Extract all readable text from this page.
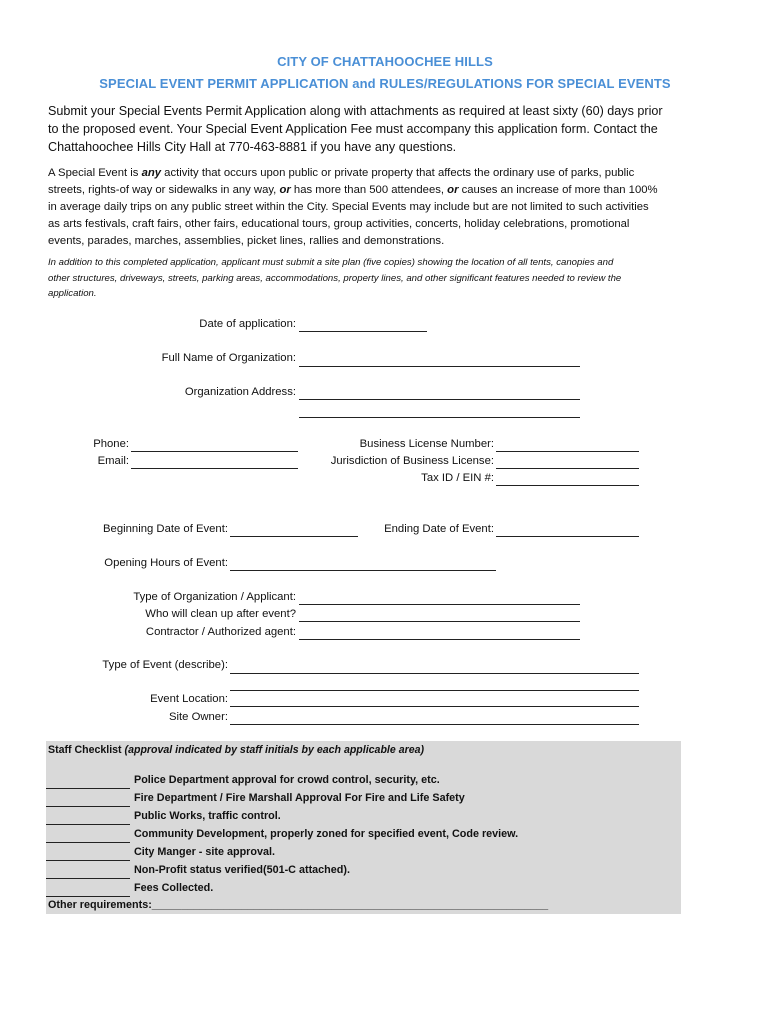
CITY OF CHATTAHOOCHEE HILLS
SPECIAL EVENT PERMIT APPLICATION and RULES/REGULATIONS FOR SPECIAL EVENTS
Submit your Special Events Permit Application along with attachments as required at least sixty (60) days prior
to the proposed event. Your Special Event Application Fee must accompany this application form. Contact the
Chattahoochee Hills City Hall at 770-463-8881 if you have any questions.
A Special Event is any activity that occurs upon public or private property that affects the ordinary use of parks, public
streets, rights-of way or sidewalks in any way, or has more than 500 attendees, or causes an increase of more than 100%
in average daily trips on any public street within the City. Special Events may include but are not limited to such activities
as arts festivals, craft fairs, other fairs, educational tours, group activities, concerts, holiday celebrations, promotional
events, parades, marches, assemblies, picket lines, rallies and demonstrations.
In addition to this completed application, applicant must submit a site plan (five copies) showing the location of all tents, canopies and
other structures, driveways, streets, parking areas, accommodations, property lines, and other significant features needed to review the
application.
Date of application:
Full Name of Organization:
Organization Address:
Phone:
Email:
Business License Number:
Jurisdiction of Business License:
Tax ID / EIN #:
Beginning Date of Event:	Ending Date of Event:
Opening Hours of Event:
Type of Organization / Applicant:
Who will clean up after event?
Contractor / Authorized agent:
Type of Event (describe):
Event Location:
Site Owner:
Staff Checklist (approval indicated by staff initials by each applicable area)
Police Department approval for crowd control, security, etc.
Fire Department / Fire Marshall Approval For Fire and Life Safety
Public Works, traffic control.
Community Development, properly zoned for specified event, Code review.
City Manger - site approval.
Non-Profit status verified(501-C attached).
Fees Collected.
Other requirements:__________________________________________________________________
